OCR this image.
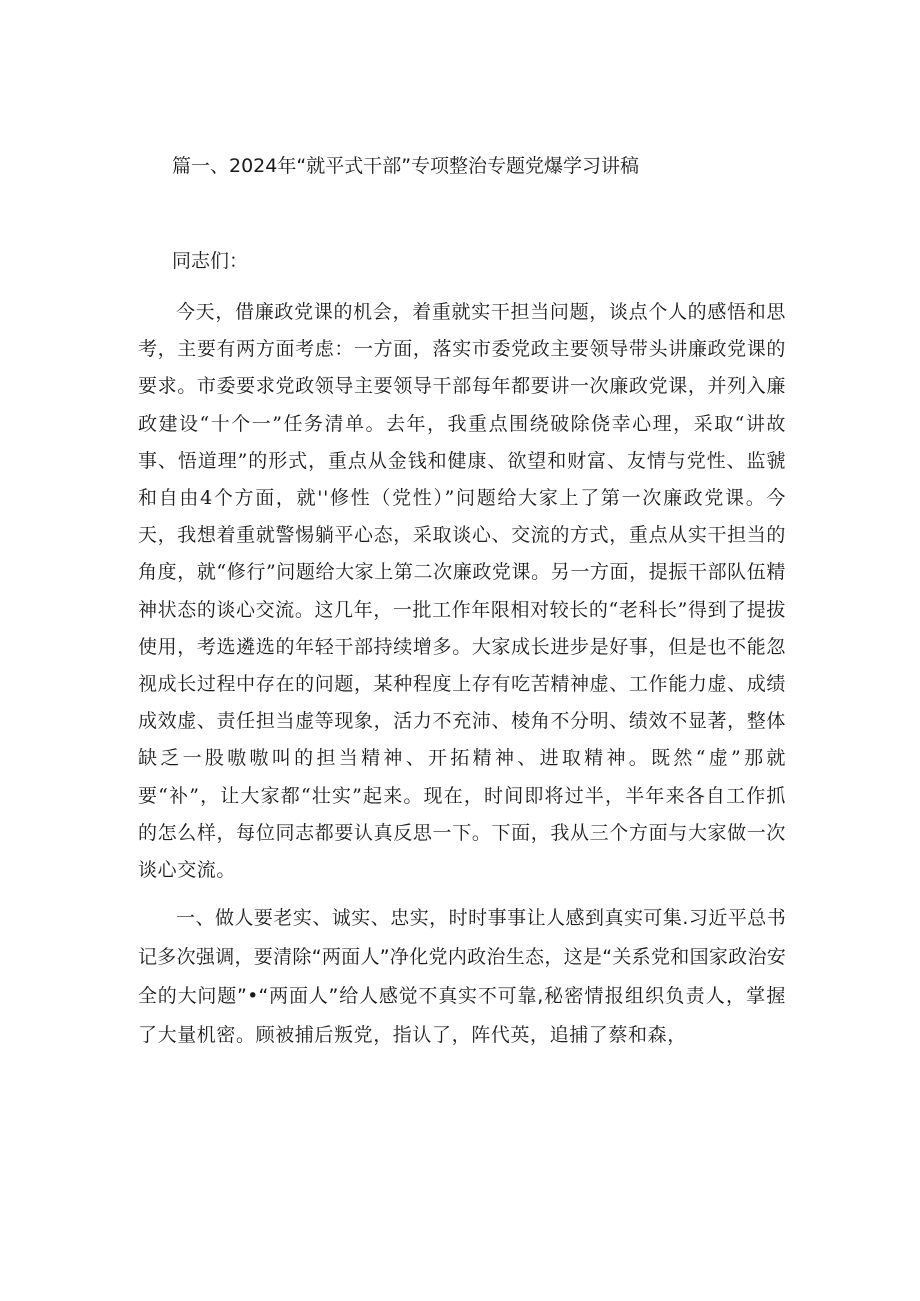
篇一、2024年“就平式干部”专项整治专题党爆学习讲稿

同志们：

今天，借廉政党课的机会，着重就实干担当问题，谈点个人的感悟和思考，主要有两方面考虑：一方面，落实市委党政主要领导带头讲廉政党课的要求。市委要求党政领导主要领导干部每年都要讲一次廉政党课，并列入廉政建设“十个一”任务清单。去年，我重点围绕破除侥幸心理，采取“讲故事、悟道理”的形式，重点从金钱和健康、欲望和财富、友情与党性、监虢和自由4个方面，就''修性（党性）”问题给大家上了第一次廉政党课。今天，我想着重就警惕躺平心态，采取谈心、交流的方式，重点从实干担当的角度，就“修行”问题给大家上第二次廉政党课。另一方面，提振干部队伍精神状态的谈心交流。这几年，一批工作年限相对较长的“老科长”得到了提拔使用，考选遴选的年轻干部持续增多。大家成长进步是好事，但是也不能忽视成长过程中存在的问题，某种程度上存有吃苦精神虚、工作能力虚、成绩成效虚、责任担当虚等现象，活力不充沛、棱角不分明、绩效不显著，整体缺乏一股嗷嗷叫的担当精神、开拓精神、进取精神。既然“虚”那就要“补”，让大家都“壮实”起来。现在，时间即将过半，半年来各自工作抓的怎么样，每位同志都要认真反思一下。下面，我从三个方面与大家做一次谈心交流。

一、做人要老实、诚实、忠实，时时事事让人感到真实可集.习近平总书记多次强调，要清除“两面人”净化党内政治生态，这是“关系党和国家政治安全的大问题”•“两面人”给人感觉不真实不可靠,秘密情报组织负责人，掌握了大量机密。顾被捕后叛党，指认了，阵代英，追捕了蔡和森，
